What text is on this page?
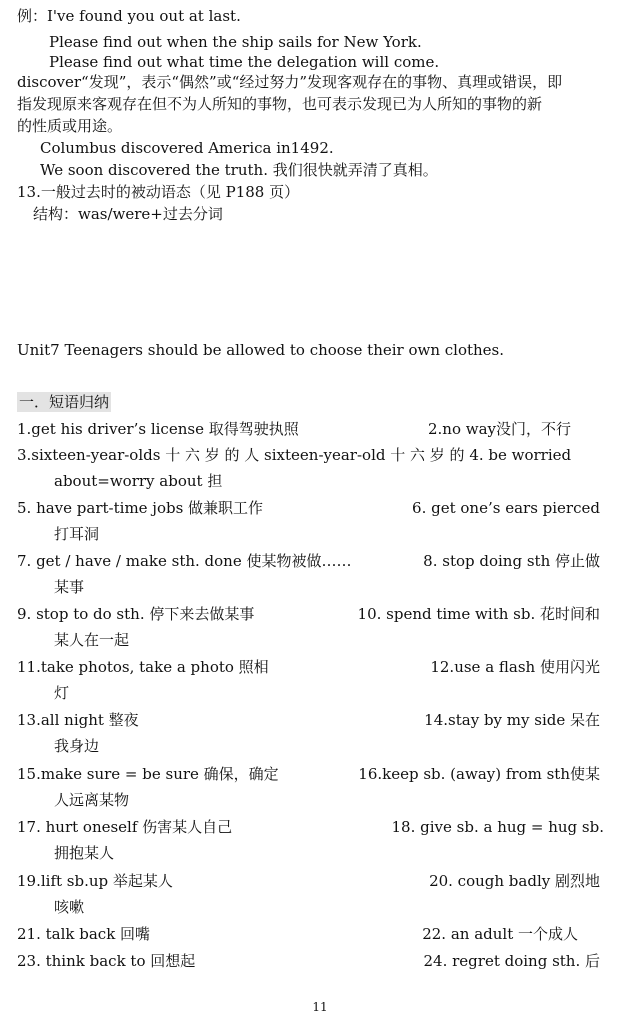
例：I've found you out at last.
Please find out when the ship sails for New York.
Please find out what time the delegation will come.
discover“发现”，表示“偶然”或“经过努力”发现客观存在的事物、真理或错误，即
指发现原来客观存在但不为人所知的事物，也可表示发现已为人所知的事物的新
的性质或用途。
Columbus discovered America in1492.
We soon discovered the truth. 我们很快就弄清了真相。
13.一般过去时的被动语态（见 P188 页）
结构：was/were+过去分词
Unit7 Teenagers should be allowed to choose their own clothes.
一．短语归纳
1.get his driver’s license 取得驾驶执照	2.no way没门，不行
3.sixteen-year-olds 十 六 岁 的 人 sixteen-year-old 十 六 岁 的 4. be worried
about=worry about 担
5. have part-time jobs 做兼职工作	6. get one’s ears pierced
打耳洞
7. get / have / make sth. done 使某物被做……	8. stop doing sth 停止做
某事
9. stop to do sth. 停下来去做某事	10. spend time with sb. 花时间和
某人在一起
11.take photos, take a photo 照相	12.use a flash 使用闪光
灯
13.all night 整夜	14.stay by my side 呆在
我身边
15.make sure = be sure 确保，确定	16.keep sb. (away) from sth使某
人远离某物
17. hurt oneself 伤害某人自己	18. give sb. a hug = hug sb.
拥抱某人
19.lift sb.up 举起某人	20. cough badly 剧烈地
咳嗽
21. talk back 回嘴	22. an adult 一个成人
23. think back to 回想起	24. regret doing sth. 后
11
